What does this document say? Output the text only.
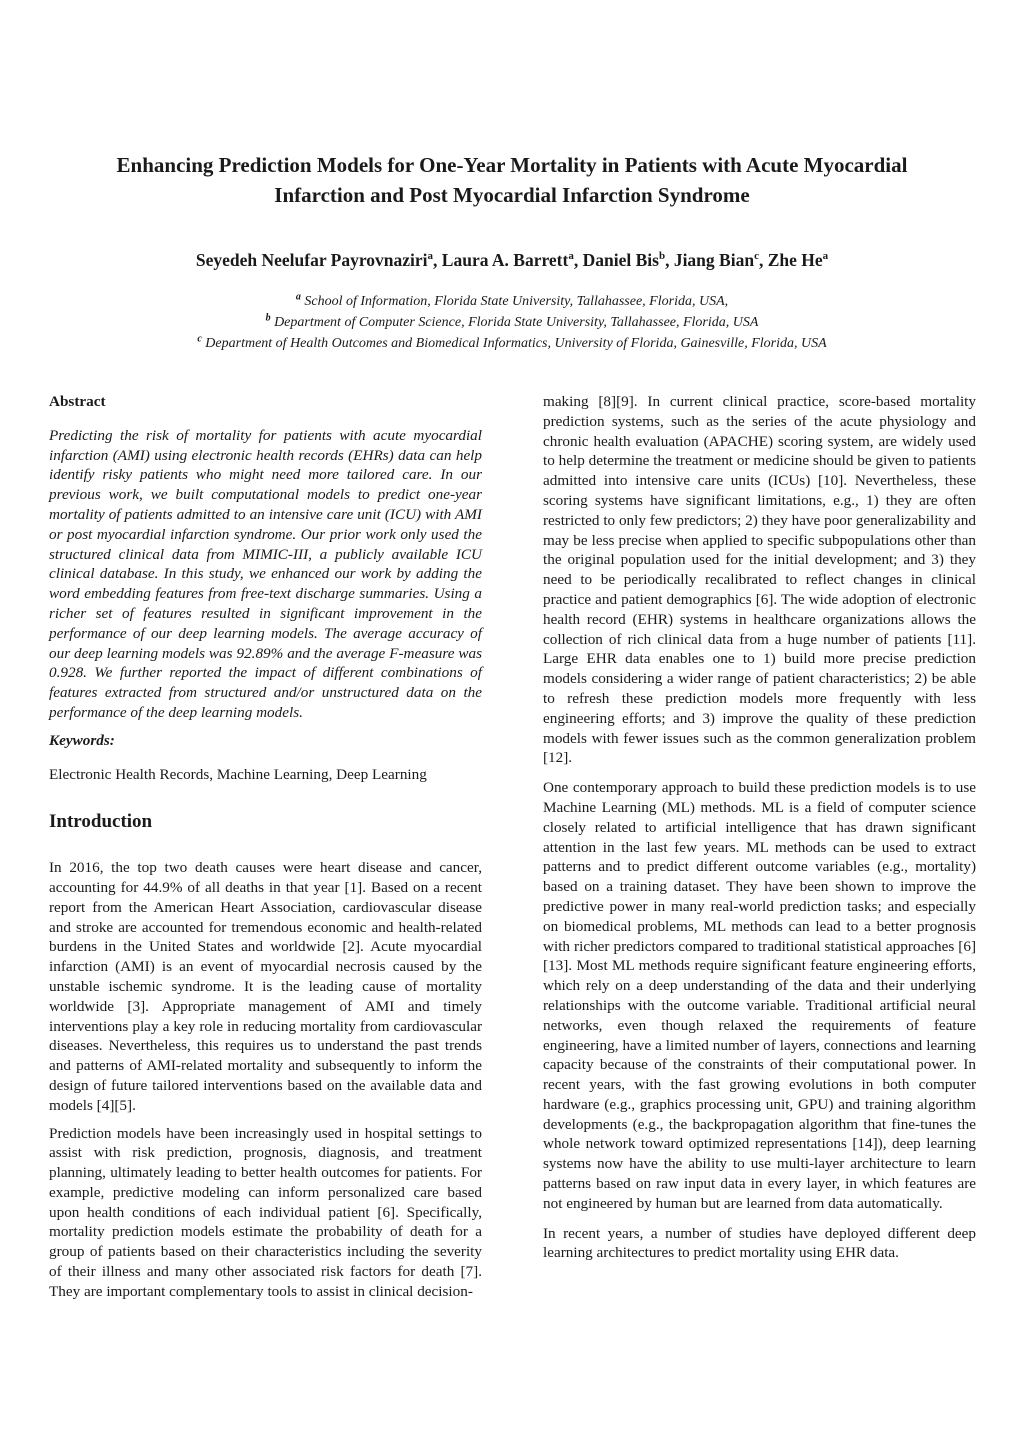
Enhancing Prediction Models for One-Year Mortality in Patients with Acute Myocardial
Infarction and Post Myocardial Infarction Syndrome
Seyedeh Neelufar Payrovnaziri$^a$, Laura A. Barrett$^a$, Daniel Bis$^b$, Jiang Bian$^c$, Zhe He$^a$
$^a$ School of Information, Florida State University, Tallahassee, Florida, USA,
$^b$ Department of Computer Science, Florida State University, Tallahassee, Florida, USA
$^c$ Department of Health Outcomes and Biomedical Informatics, University of Florida, Gainesville, Florida, USA
Abstract

Predicting the risk of mortality for patients with acute myocardial infarction (AMI) using electronic health records (EHRs) data can help identify risky patients who might need more tailored care. In our previous work, we built computational models to predict one-year mortality of patients admitted to an intensive care unit (ICU) with AMI or post myocardial infarction syndrome. Our prior work only used the structured clinical data from MIMIC-III, a publicly available ICU clinical database. In this study, we enhanced our work by adding the word embedding features from free-text discharge summaries. Using a richer set of features resulted in significant improvement in the performance of our deep learning models. The average accuracy of our deep learning models was 92.89% and the average F-measure was 0.928. We further reported the impact of different combinations of features extracted from structured and/or unstructured data on the performance of the deep learning models.

Keywords:

Electronic Health Records, Machine Learning, Deep Learning

Introduction

In 2016, the top two death causes were heart disease and cancer, accounting for 44.9% of all deaths in that year [1]. Based on a recent report from the American Heart Association, cardiovascular disease and stroke are accounted for tremendous economic and health-related burdens in the United States and worldwide [2]. Acute myocardial infarction (AMI) is an event of myocardial necrosis caused by the unstable ischemic syndrome. It is the leading cause of mortality worldwide [3]. Appropriate management of AMI and timely interventions play a key role in reducing mortality from cardiovascular diseases. Nevertheless, this requires us to understand the past trends and patterns of AMI-related mortality and subsequently to inform the design of future tailored interventions based on the available data and models [4][5].

Prediction models have been increasingly used in hospital settings to assist with risk prediction, prognosis, diagnosis, and treatment planning, ultimately leading to better health outcomes for patients. For example, predictive modeling can inform personalized care based upon health conditions of each individual patient [6]. Specifically, mortality prediction models estimate the probability of death for a group of patients based on their characteristics including the severity of their illness and many other associated risk factors for death [7]. They are important complementary tools to assist in clinical decision-

making [8][9]. In current clinical practice, score-based mortality prediction systems, such as the series of the acute physiology and chronic health evaluation (APACHE) scoring system, are widely used to help determine the treatment or medicine should be given to patients admitted into intensive care units (ICUs) [10]. Nevertheless, these scoring systems have significant limitations, e.g., 1) they are often restricted to only few predictors; 2) they have poor generalizability and may be less precise when applied to specific subpopulations other than the original population used for the initial development; and 3) they need to be periodically recalibrated to reflect changes in clinical practice and patient demographics [6]. The wide adoption of electronic health record (EHR) systems in healthcare organizations allows the collection of rich clinical data from a huge number of patients [11]. Large EHR data enables one to 1) build more precise prediction models considering a wider range of patient characteristics; 2) be able to refresh these prediction models more frequently with less engineering efforts; and 3) improve the quality of these prediction models with fewer issues such as the common generalization problem [12].

One contemporary approach to build these prediction models is to use Machine Learning (ML) methods. ML is a field of computer science closely related to artificial intelligence that has drawn significant attention in the last few years. ML methods can be used to extract patterns and to predict different outcome variables (e.g., mortality) based on a training dataset. They have been shown to improve the predictive power in many real-world prediction tasks; and especially on biomedical problems, ML methods can lead to a better prognosis with richer predictors compared to traditional statistical approaches [6][13]. Most ML methods require significant feature engineering efforts, which rely on a deep understanding of the data and their underlying relationships with the outcome variable. Traditional artificial neural networks, even though relaxed the requirements of feature engineering, have a limited number of layers, connections and learning capacity because of the constraints of their computational power. In recent years, with the fast growing evolutions in both computer hardware (e.g., graphics processing unit, GPU) and training algorithm developments (e.g., the backpropagation algorithm that fine-tunes the whole network toward optimized representations [14]), deep learning systems now have the ability to use multi-layer architecture to learn patterns based on raw input data in every layer, in which features are not engineered by human but are learned from data automatically.

In recent years, a number of studies have deployed different deep learning architectures to predict mortality using EHR data.
